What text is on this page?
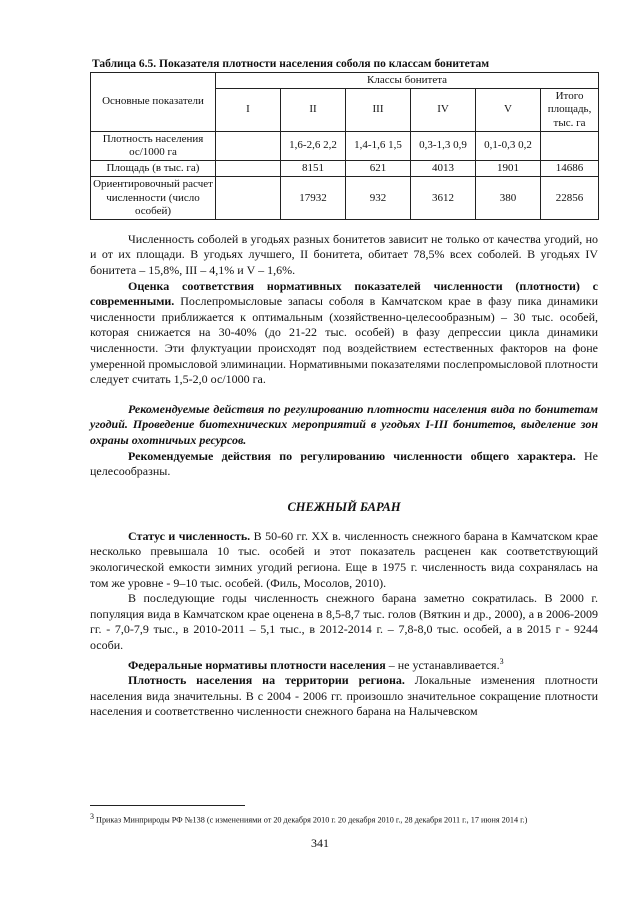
Таблица 6.5. Показателя плотности населения соболя по классам бонитетам
Основные показатели	Классы бонитета					
	I	II	III	IV	V	Итого площадь, тыс. га
Плотность населения ос/1000 га		1,6-2,6 2,2	1,4-1,6 1,5	0,3-1,3 0,9	0,1-0,3 0,2	
Площадь (в тыс. га)		8151	621	4013	1901	14686
Ориентировочный расчет численности (число особей)		17932	932	3612	380	22856

Численность соболей в угодьях разных бонитетов зависит не только от качества угодий, но и от их площади. В угодьях лучшего, II бонитета, обитает 78,5% всех соболей. В угодьях IV бонитета – 15,8%, III – 4,1% и V – 1,6%.

Оценка соответствия нормативных показателей численности (плотности) с современными. Послепромысловые запасы соболя в Камчатском крае в фазу пика динамики численности приближается к оптимальным (хозяйственно-целесообразным) – 30 тыс. особей, которая снижается на 30-40% (до 21-22 тыс. особей) в фазу депрессии цикла динамики численности. Эти флуктуации происходят под воздействием естественных факторов на фоне умеренной промысловой элиминации. Нормативными показателями послепромысловой плотности следует считать 1,5-2,0 ос/1000 га.

Рекомендуемые действия по регулированию плотности населения вида по бонитетам угодий. Проведение биотехнических мероприятий в угодьях I-III бонитетов, выделение зон охраны охотничьих ресурсов.

Рекомендуемые действия по регулированию численности общего характера. Не целесообразны.

СНЕЖНЫЙ БАРАН

Статус и численность. В 50-60 гг. ХХ в. численность снежного барана в Камчатском крае несколько превышала 10 тыс. особей и этот показатель расценен как соответствующий экологической емкости зимних угодий региона. Еще в 1975 г. численность вида сохранялась на том же уровне - 9–10 тыс. особей. (Филь, Мосолов, 2010).

В последующие годы численность снежного барана заметно сократилась. В 2000 г. популяция вида в Камчатском крае оценена в 8,5-8,7 тыс. голов (Вяткин и др., 2000), а в 2006-2009 гг. - 7,0-7,9 тыс., в 2010-2011 – 5,1 тыс., в 2012-2014 г. – 7,8-8,0 тыс. особей, а в 2015 г - 9244 особи.

Федеральные нормативы плотности населения – не устанавливается.$^3$

Плотность населения на территории региона. Локальные изменения плотности населения вида значительны. В с 2004 - 2006 гг. произошло значительное сокращение плотности населения и соответственно численности снежного барана на Налычевском

$^3$ Приказ Минприроды РФ №138 (с изменениями от 20 декабря 2010 г. 20 декабря 2010 г., 28 декабря 2011 г., 17 июня 2014 г.)
341
